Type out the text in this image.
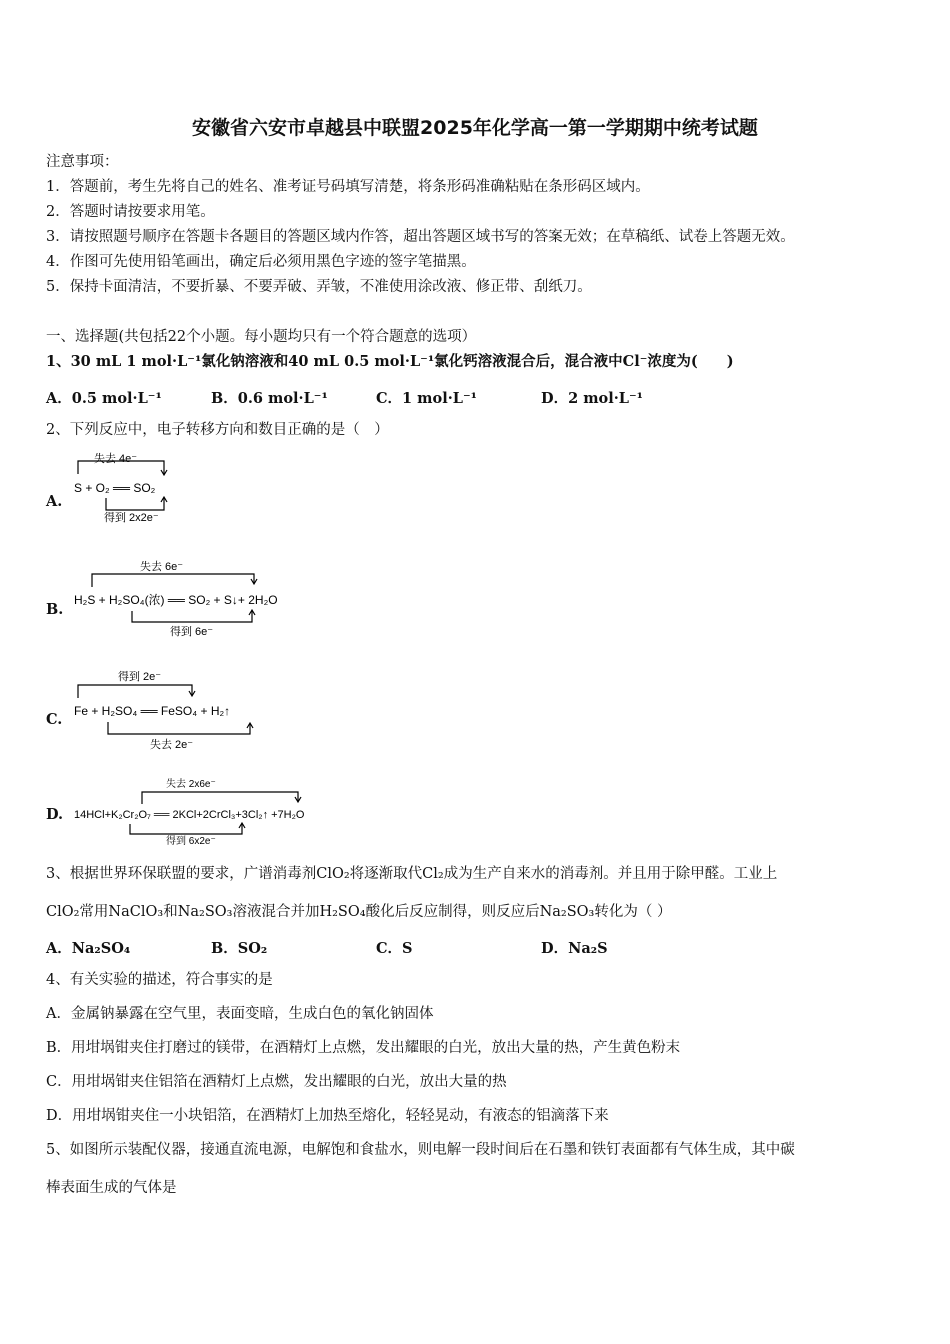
安徽省六安市卓越县中联盟2025年化学高一第一学期期中统考试题
注意事项：
1．答题前，考生先将自己的姓名、准考证号码填写清楚，将条形码准确粘贴在条形码区域内。
2．答题时请按要求用笔。
3．请按照题号顺序在答题卡各题目的答题区域内作答，超出答题区域书写的答案无效；在草稿纸、试卷上答题无效。
4．作图可先使用铅笔画出，确定后必须用黑色字迹的签字笔描黑。
5．保持卡面清洁，不要折暴、不要弄破、弄皱，不准使用涂改液、修正带、刮纸刀。
一、选择题(共包括22个小题。每小题均只有一个符合题意的选项）
1、30 mL 1 mol·L⁻¹氯化钠溶液和40 mL 0.5 mol·L⁻¹氯化钙溶液混合后，混合液中Cl⁻浓度为(　　)
A．0.5 mol·L⁻¹	B．0.6 mol·L⁻¹	C．1 mol·L⁻¹	D．2 mol·L⁻¹
2、下列反应中，电子转移方向和数目正确的是（　）
A.
失去 4e⁻
S + O₂ ══ SO₂
得到 2x2e⁻
B.
失去 6e⁻
H₂S + H₂SO₄(浓) ══ SO₂ + S↓+ 2H₂O
得到 6e⁻
C.
得到 2e⁻
Fe + H₂SO₄ ══ FeSO₄ + H₂↑
失去 2e⁻
D.
失去 2x6e⁻
14HCl+K₂Cr₂O₇ ══ 2KCl+2CrCl₃+3Cl₂↑ +7H₂O
得到 6x2e⁻
3、根据世界环保联盟的要求，广谱消毒剂ClO₂将逐渐取代Cl₂成为生产自来水的消毒剂。并且用于除甲醛。工业上
ClO₂常用NaClO₃和Na₂SO₃溶液混合并加H₂SO₄酸化后反应制得，则反应后Na₂SO₃转化为（ ）
A．Na₂SO₄	B．SO₂	C．S	D．Na₂S
4、有关实验的描述，符合事实的是
A．金属钠暴露在空气里，表面变暗，生成白色的氧化钠固体
B．用坩埚钳夹住打磨过的镁带，在酒精灯上点燃，发出耀眼的白光，放出大量的热，产生黄色粉末
C．用坩埚钳夹住铝箔在酒精灯上点燃，发出耀眼的白光，放出大量的热
D．用坩埚钳夹住一小块铝箔，在酒精灯上加热至熔化，轻轻晃动，有液态的铝滴落下来
5、如图所示装配仪器，接通直流电源，电解饱和食盐水，则电解一段时间后在石墨和铁钉表面都有气体生成，其中碳
棒表面生成的气体是
